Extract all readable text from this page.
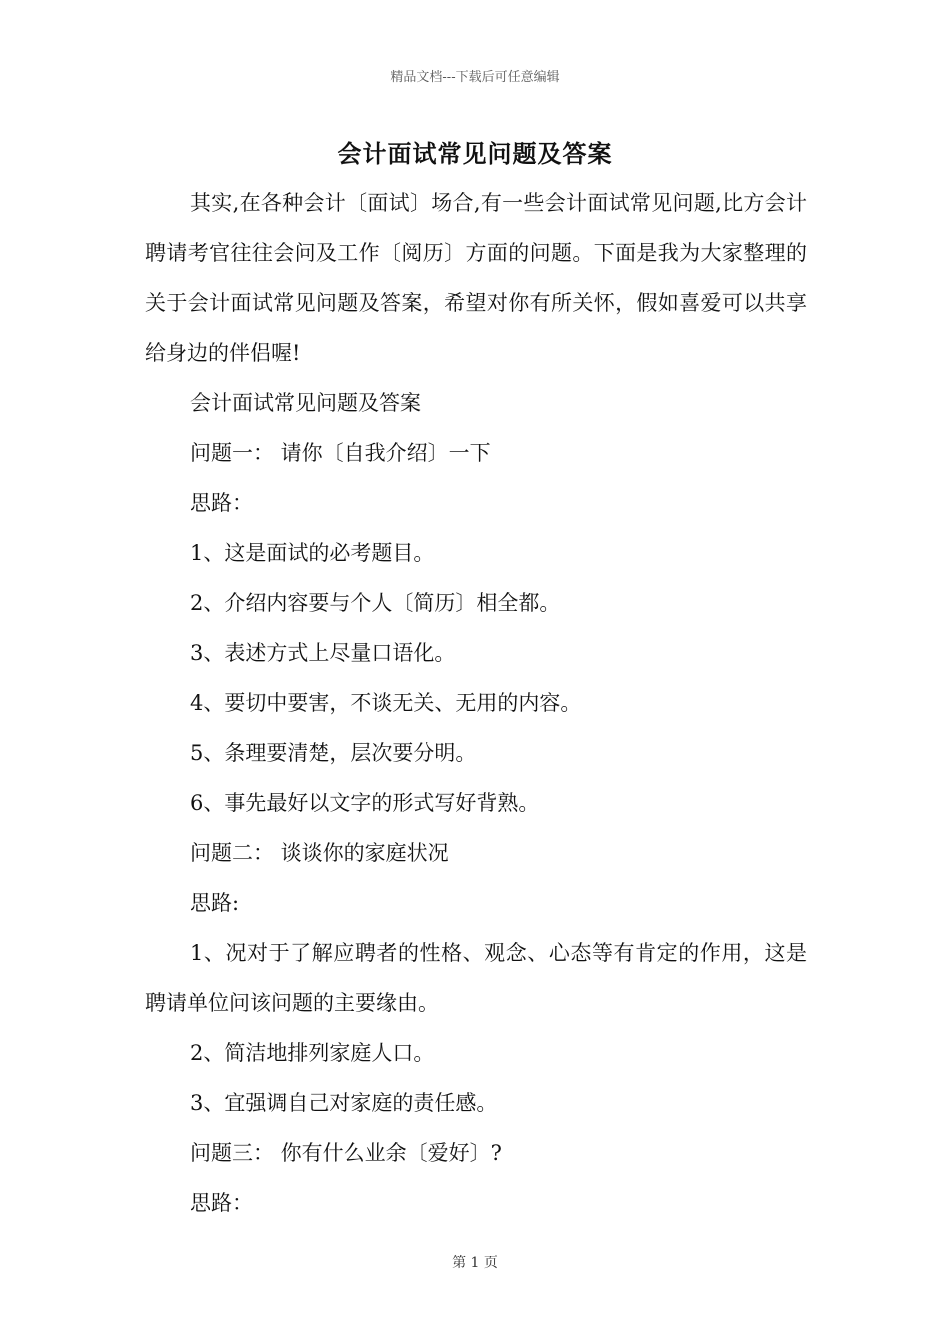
精品文档---下载后可任意编辑
会计面试常见问题及答案

其实,在各种会计〔面试〕场合,有一些会计面试常见问题,比方会计聘请考官往往会问及工作〔阅历〕方面的问题。下面是我为大家整理的关于会计面试常见问题及答案，希望对你有所关怀，假如喜爱可以共享给身边的伴侣喔!

会计面试常见问题及答案

问题一： 请你〔自我介绍〕一下

思路：

1、这是面试的必考题目。

2、介绍内容要与个人〔简历〕相全都。

3、表述方式上尽量口语化。

4、要切中要害，不谈无关、无用的内容。

5、条理要清楚，层次要分明。

6、事先最好以文字的形式写好背熟。

问题二： 谈谈你的家庭状况

思路:

1、况对于了解应聘者的性格、观念、心态等有肯定的作用，这是聘请单位问该问题的主要缘由。

2、简洁地排列家庭人口。

3、宜强调自己对家庭的责任感。

问题三： 你有什么业余〔爱好〕?

思路：

第 1 页
